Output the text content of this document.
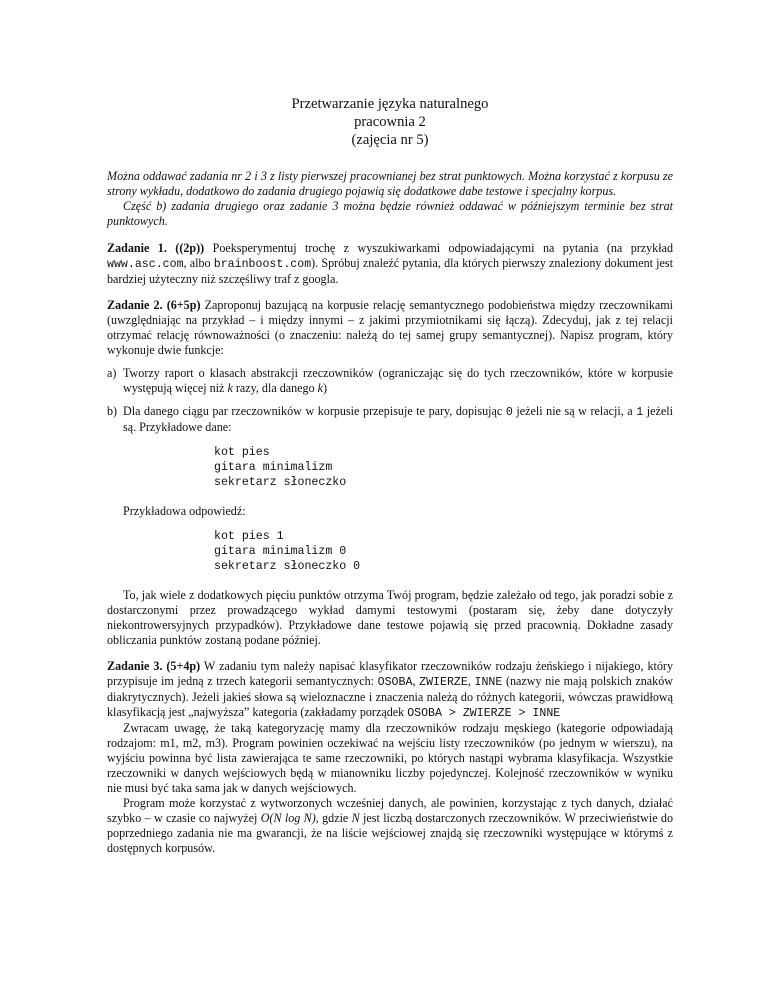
Przetwarzanie języka naturalnego
pracownia 2
(zajęcia nr 5)

Można oddawać zadania nr 2 i 3 z listy pierwszej pracownianej bez strat punktowych. Można korzystać z korpusu ze strony wykładu, dodatkowo do zadania drugiego pojawią się dodatkowe dabe testowe i specjalny korpus.

Część b) zadania drugiego oraz zadanie 3 można będzie również oddawać w późniejszym terminie bez strat punktowych.

Zadanie 1. ((2p)) Poeksperymentuj trochę z wyszukiwarkami odpowiadającymi na pytania (na przykład www.asc.com, albo brainboost.com). Spróbuj znaleźć pytania, dla których pierwszy znaleziony dokument jest bardziej użyteczny niż szczęśliwy traf z googla.

Zadanie 2. (6+5p) Zaproponuj bazującą na korpusie relację semantycznego podobieństwa między rzeczownikami (uwzględniając na przykład – i między innymi – z jakimi przymiotnikami się łączą). Zdecyduj, jak z tej relacji otrzymać relację równoważności (o znaczeniu: należą do tej samej grupy semantycznej). Napisz program, który wykonuje dwie funkcje:

a) Tworzy raport o klasach abstrakcji rzeczowników (ograniczając się do tych rzeczowników, które w korpusie występują więcej niż k razy, dla danego k)
b) Dla danego ciągu par rzeczowników w korpusie przepisuje te pary, dopisując 0 jeżeli nie są w relacji, a 1 jeżeli są. Przykładowe dane:
kot pies
gitara minimalizm
sekretarz słoneczko
Przykładowa odpowiedź:
kot pies 1
gitara minimalizm 0
sekretarz słoneczko 0

To, jak wiele z dodatkowych pięciu punktów otrzyma Twój program, będzie zależało od tego, jak poradzi sobie z dostarczonymi przez prowadzącego wykład damymi testowymi (postaram się, żeby dane dotyczyły niekontrowersyjnych przypadków). Przykładowe dane testowe pojawią się przed pracownią. Dokładne zasady obliczania punktów zostaną podane później.

Zadanie 3. (5+4p) W zadaniu tym należy napisać klasyfikator rzeczowników rodzaju żeńskiego i nijakiego, który przypisuje im jedną z trzech kategorii semantycznych: OSOBA, ZWIERZE, INNE (nazwy nie mają polskich znaków diakrytycznych). Jeżeli jakieś słowa są wieloznaczne i znaczenia należą do różnych kategorii, wówczas prawidłową klasyfikacją jest „najwyższa” kategoria (zakładamy porządek OSOBA > ZWIERZE > INNE

Zwracam uwagę, że taką kategoryzację mamy dla rzeczowników rodzaju męskiego (kategorie odpowiadają rodzajom: m1, m2, m3). Program powinien oczekiwać na wejściu listy rzeczowników (po jednym w wierszu), na wyjściu powinna być lista zawierająca te same rzeczowniki, po których nastąpi wybrama klasyfikacja. Wszystkie rzeczowniki w danych wejściowych będą w mianowniku liczby pojedynczej. Kolejność rzeczowników w wyniku nie musi być taka sama jak w danych wejściowych.

Program może korzystać z wytworzonych wcześniej danych, ale powinien, korzystając z tych danych, działać szybko – w czasie co najwyżej O(N log N), gdzie N jest liczbą dostarczonych rzeczowników. W przeciwieństwie do poprzedniego zadania nie ma gwarancji, że na liście wejściowej znajdą się rzeczowniki występujące w którymś z dostępnych korpusów.
